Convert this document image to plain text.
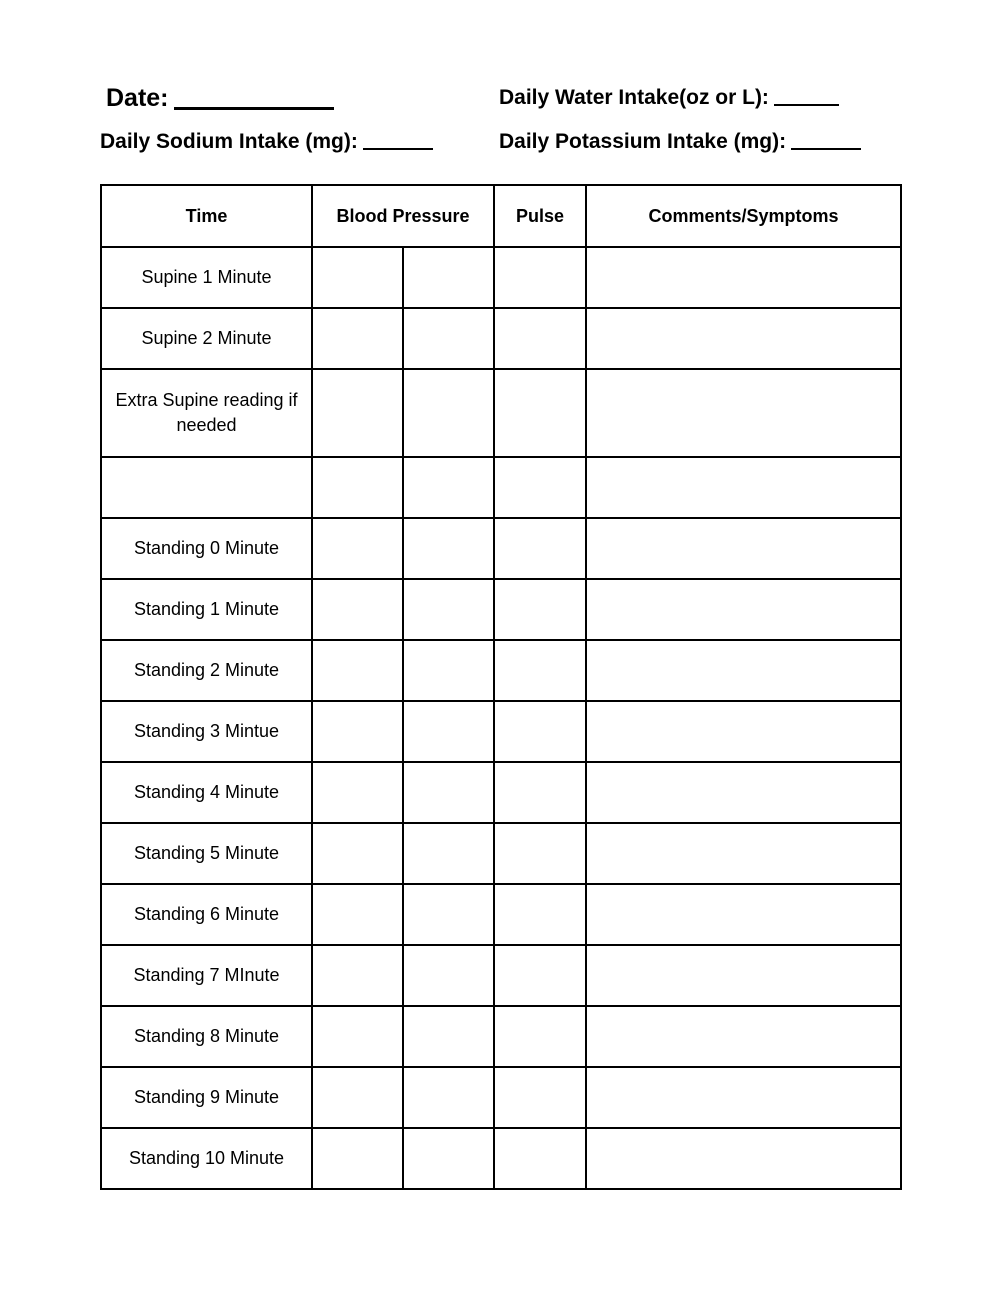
Date:	Daily Water Intake(oz or L):
Daily Sodium Intake (mg):	Daily Potassium Intake (mg):
Time	Blood Pressure		Pulse	Comments/Symptoms
Supine 1 Minute				
Supine 2 Minute				
Extra Supine reading if needed				

Standing 0 Minute				
Standing 1 Minute				
Standing 2 Minute				
Standing 3 Mintue				
Standing 4 Minute				
Standing 5 Minute				
Standing 6 Minute				
Standing 7 MInute				
Standing 8 Minute				
Standing 9 Minute				
Standing 10 Minute				
